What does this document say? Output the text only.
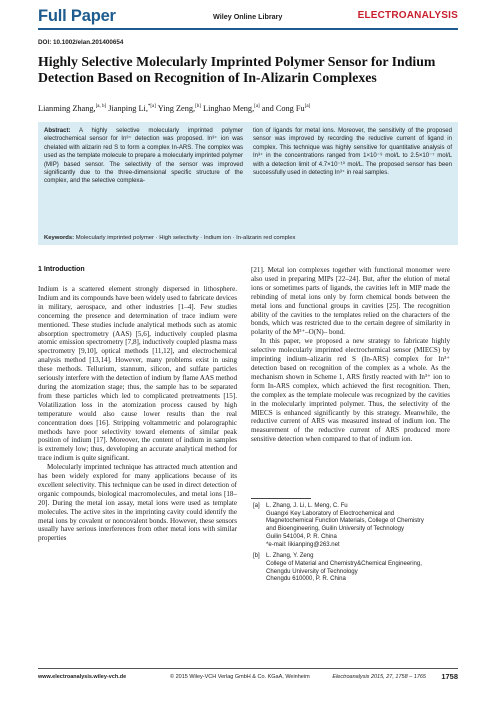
Full Paper	Wiley Online Library	ELECTROANALYSIS
DOI: 10.1002/elan.201400654
Highly Selective Molecularly Imprinted Polymer Sensor for Indium Detection Based on Recognition of In-Alizarin Complexes
Lianming Zhang,[a, b] Jianping Li,$^{*[a]}$ Ying Zeng,[b] Linghao Meng,[a] and Cong Fu[a]
Abstract: A highly selective molecularly imprinted polymer electrochemical sensor for In³⁺ detection was proposed. In³⁺ ion was chelated with alizarin red S to form a complex In-ARS. The complex was used as the template molecule to prepare a molecularly imprinted polymer (MIP) based sensor. The selectivity of the sensor was improved significantly due to the three-dimensional specific structure of the complex, and the selective complexa-
tion of ligands for metal ions. Moreover, the sensitivity of the proposed sensor was improved by recording the reductive current of ligand in complex. This technique was highly sensitive for quantitative analysis of In³⁺ in the concentrations ranged from 1×10⁻⁹ mol/L to 2.5×10⁻⁷ mol/L with a detection limit of 4.7×10⁻¹⁰ mol/L. The proposed sensor has been successfully used in detecting In³⁺ in real samples.
Keywords: Molecularly imprinted polymer · High selectivity · Indium ion · In-alizarin red complex
1 Introduction

Indium is a scattered element strongly dispersed in lithosphere. Indium and its compounds have been widely used to fabricate devices in military, aerospace, and other industries [1–4]. Few studies concerning the presence and determination of trace indium were mentioned. These studies include analytical methods such as atomic absorption spectrometry (AAS) [5,6], inductively coupled plasma atomic emission spectrometry [7,8], inductively coupled plasma mass spectrometry [9,10], optical methods [11,12], and electrochemical analysis method [13,14]. However, many problems exist in using these methods. Tellurium, stannum, silicon, and sulfate particles seriously interfere with the detection of indium by flame AAS method during the atomization stage; thus, the sample has to be separated from these particles which led to complicated pretreatments [15]. Volatilization loss in the atomization process caused by high temperature would also cause lower results than the real concentration does [16]. Stripping voltammetric and polarographic methods have poor selectivity toward elements of similar peak position of indium [17]. Moreover, the content of indium in samples is extremely low; thus, developing an accurate analytical method for trace indium is quite significant.

Molecularly imprinted technique has attracted much attention and has been widely explored for many applications because of its excellent selectivity. This technique can be used in direct detection of organic compounds, biological macromolecules, and metal ions [18–20]. During the metal ion assay, metal ions were used as template molecules. The active sites in the imprinting cavity could identify the metal ions by covalent or noncovalent bonds. However, these sensors usually have serious interferences from other metal ions with similar properties

[21]. Metal ion complexes together with functional monomer were also used in preparing MIPs [22–24]. But, after the elution of metal ions or sometimes parts of ligands, the cavities left in MIP made the rebinding of metal ions only by form chemical bonds between the metal ions and functional groups in cavities [25]. The recognition ability of the cavities to the templates relied on the characters of the bonds, which was restricted due to the certain degree of similarity in polarity of the M³⁺–O(N)– bond.

In this paper, we proposed a new strategy to fabricate highly selective molecularly imprinted electrochemical sensor (MIECS) by imprinting indium–alizarin red S (In-ARS) complex for In³⁺ detection based on recognition of the complex as a whole. As the mechanism shown in Scheme 1, ARS firstly reacted with In³⁺ ion to form In-ARS complex, which achieved the first recognition. Then, the complex as the template molecule was recognized by the cavities in the molecularly imprinted polymer. Thus, the selectivity of the MIECS is enhanced significantly by this strategy. Meanwhile, the reductive current of ARS was measured instead of indium ion. The measurement of the reductive current of ARS produced more sensitive detection when compared to that of indium ion.

[a]	L. Zhang, J. Li, L. Meng, C. Fu
Guangxi Key Laboratory of Electrochemical and
Magnetochemical Function Materials, College of Chemistry
and Bioengineering, Guilin University of Technology
Guilin 541004, P. R. China
*e-mail: likianping@263.net
[b]	L. Zhang, Y. Zeng
College of Material and Chemistry&Chemical Engineering,
Chengdu University of Technology
Chengdu 610000, P. R. China
www.electroanalysis.wiley-vch.de	© 2015 Wiley-VCH Verlag GmbH & Co. KGaA, Weinheim	Electroanalysis 2015, 27, 1758 – 1765 1758
